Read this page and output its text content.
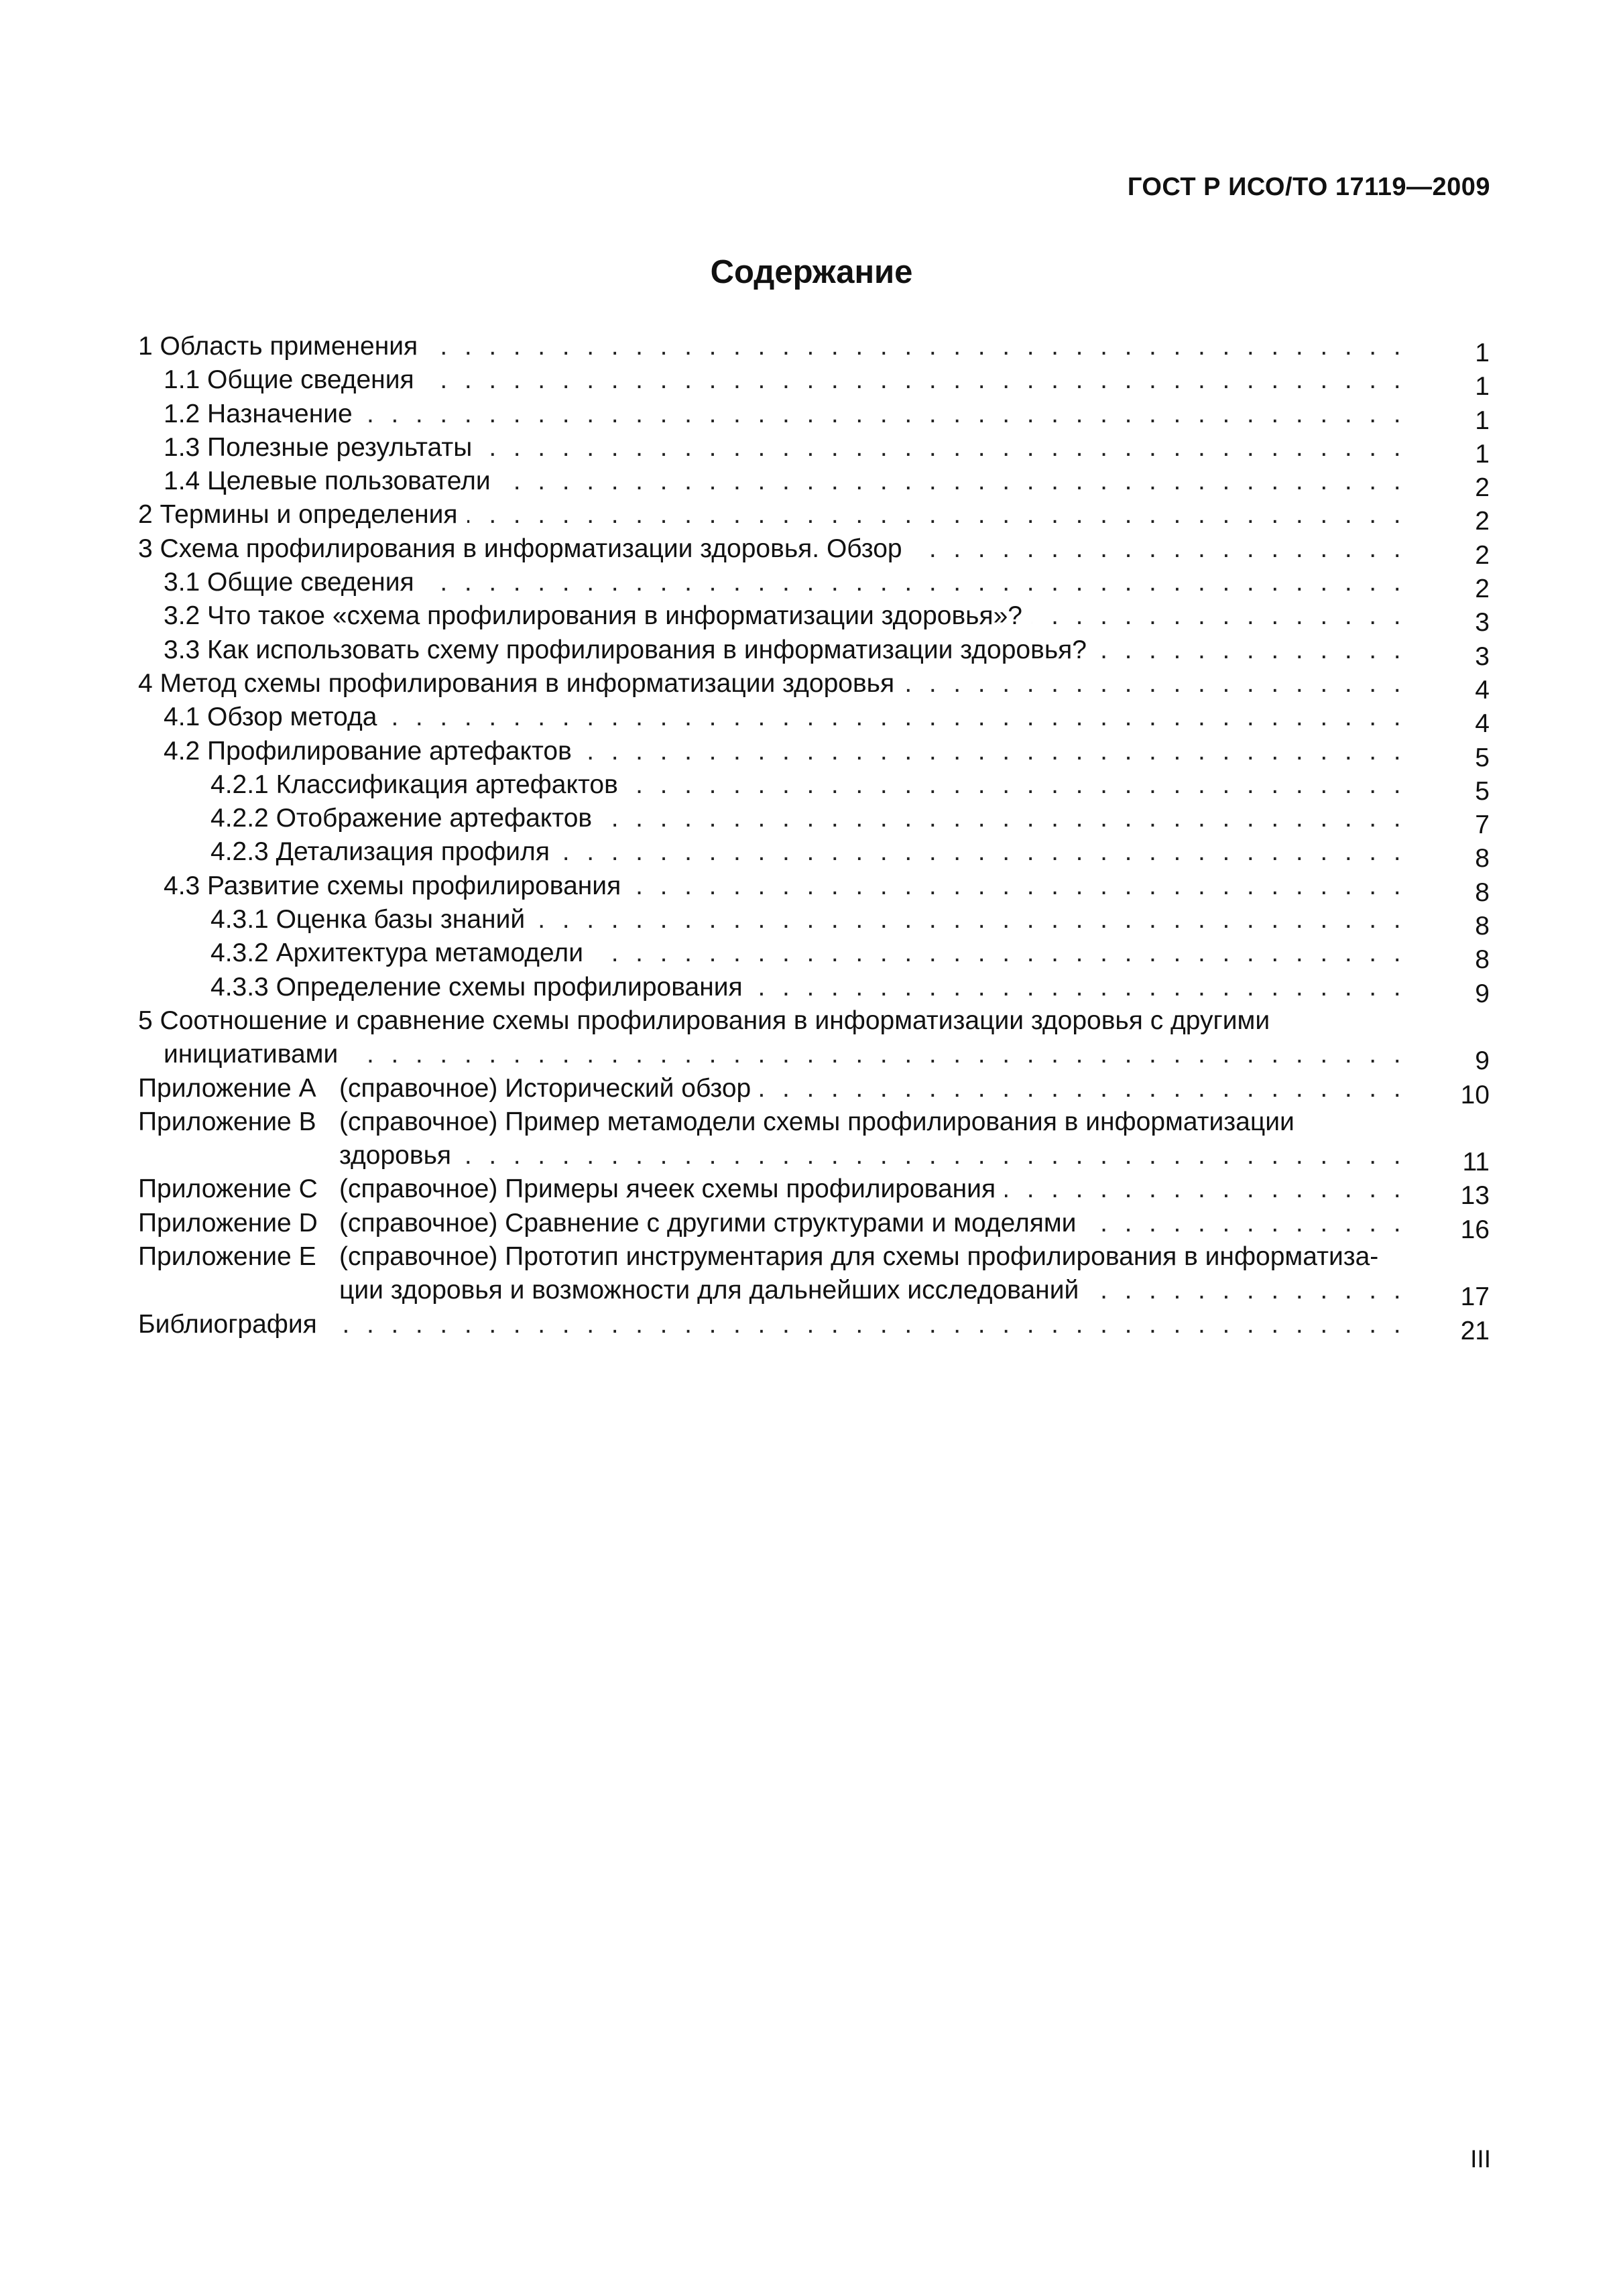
ГОСТ Р ИСО/ТО 17119—2009
Содержание
1 Область применения . . .	1
1.1 Общие сведения . . .	1
1.2 Назначение . . .	1
1.3 Полезные результаты . . .	1
1.4 Целевые пользователи . . .	2
2 Термины и определения . . .	2
3 Схема профилирования в информатизации здоровья. Обзор . . .	2
3.1 Общие сведения . . .	2
3.2 Что такое «схема профилирования в информатизации здоровья»? . . .	3
3.3 Как использовать схему профилирования в информатизации здоровья? . . .	3
4 Метод схемы профилирования в информатизации здоровья . . .	4
4.1 Обзор метода . . .	4
4.2 Профилирование артефактов . . .	5
4.2.1 Классификация артефактов . . .	5
4.2.2 Отображение артефактов . . .	7
4.2.3 Детализация профиля . . .	8
4.3 Развитие схемы профилирования . . .	8
4.3.1 Оценка базы знаний . . .	8
4.3.2 Архитектура метамодели . . .	8
4.3.3 Определение схемы профилирования . . .	9
5 Соотношение и сравнение схемы профилирования в информатизации здоровья с другими
инициативами . . .	9
Приложение А (справочное) Исторический обзор . . .	10
Приложение В (справочное) Пример метамодели схемы профилирования в информатизации
здоровья . . .	11
Приложение С (справочное) Примеры ячеек схемы профилирования . . .	13
Приложение D (справочное) Сравнение с другими структурами и моделями . . .	16
Приложение Е (справочное) Прототип инструментария для схемы профилирования в информатиза-
ции здоровья и возможности для дальнейших исследований . . .	17
Библиография . . .	21
III
